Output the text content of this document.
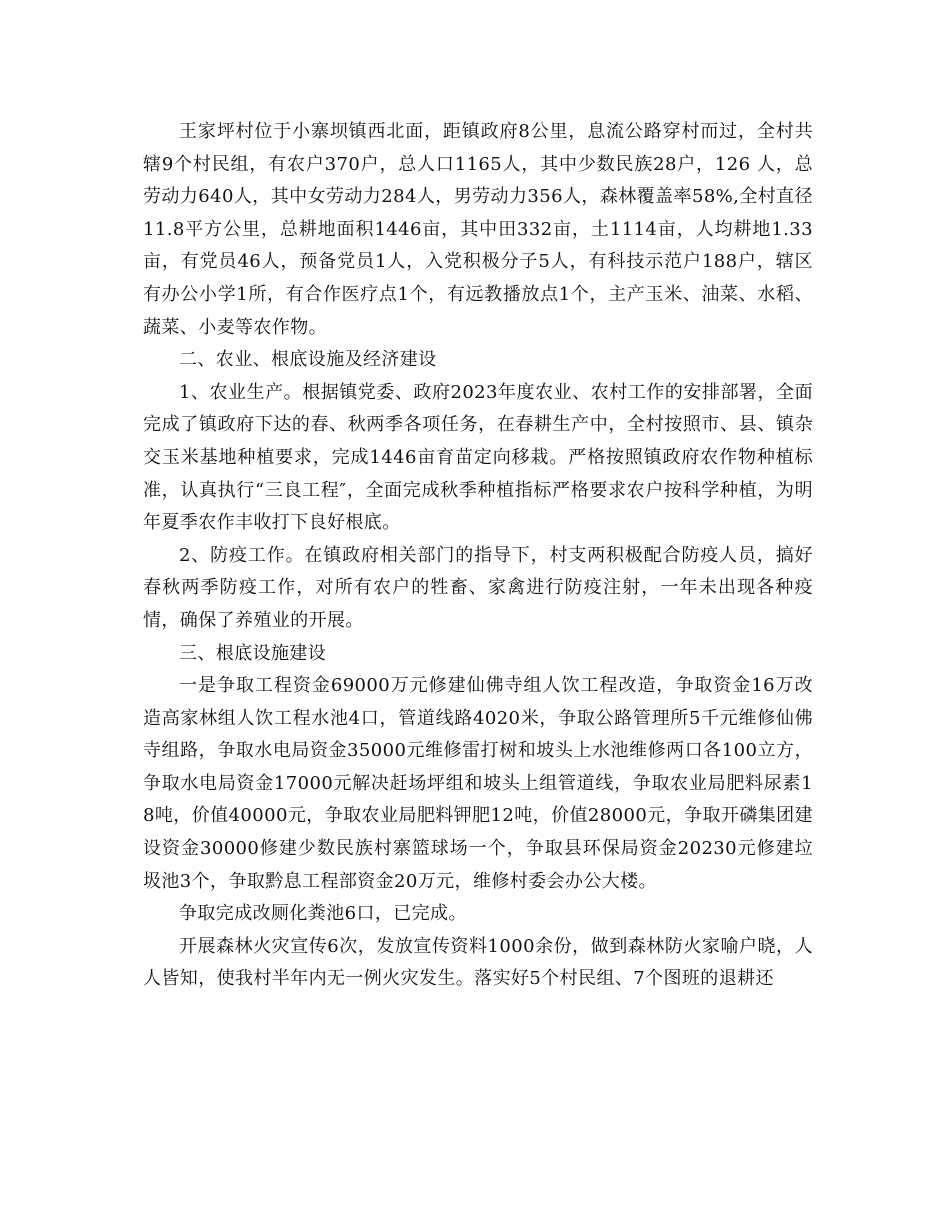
王家坪村位于小寨坝镇西北面，距镇政府8公里，息流公路穿村而过，全村共辖9个村民组，有农户370户，总人口1165人，其中少数民族28户，126 人，总劳动力640人，其中女劳动力284人，男劳动力356人，森林覆盖率58%,全村直径11.8平方公里，总耕地面积1446亩，其中田332亩，土1114亩，人均耕地1.33亩，有党员46人，预备党员1人，入党积极分子5人，有科技示范户188户，辖区有办公小学1所，有合作医疗点1个，有远教播放点1个，主产玉米、油菜、水稻、蔬菜、小麦等农作物。

二、农业、根底设施及经济建设

1、农业生产。根据镇党委、政府2023年度农业、农村工作的安排部署，全面完成了镇政府下达的春、秋两季各项任务，在春耕生产中，全村按照市、县、镇杂交玉米基地种植要求，完成1446亩育苗定向移栽。严格按照镇政府农作物种植标准，认真执行“三良工程″，全面完成秋季种植指标严格要求农户按科学种植，为明年夏季农作丰收打下良好根底。

2、防疫工作。在镇政府相关部门的指导下，村支两积极配合防疫人员，搞好春秋两季防疫工作，对所有农户的牲畜、家禽进行防疫注射，一年未出现各种疫情，确保了养殖业的开展。

三、根底设施建设

一是争取工程资金69000万元修建仙佛寺组人饮工程改造，争取资金16万改造高家林组人饮工程水池4口，管道线路4020米，争取公路管理所5千元维修仙佛寺组路，争取水电局资金35000元维修雷打树和坡头上水池维修两口各100立方，争取水电局资金17000元解决赶场坪组和坡头上组管道线，争取农业局肥料尿素18吨，价值40000元，争取农业局肥料钾肥12吨，价值28000元，争取开磷集团建设资金30000修建少数民族村寨篮球场一个，争取县环保局资金20230元修建垃圾池3个，争取黔息工程部资金20万元，维修村委会办公大楼。

争取完成改厕化粪池6口，已完成。

开展森林火灾宣传6次，发放宣传资料1000余份，做到森林防火家喻户晓，人人皆知，使我村半年内无一例火灾发生。落实好5个村民组、7个图班的退耕还
